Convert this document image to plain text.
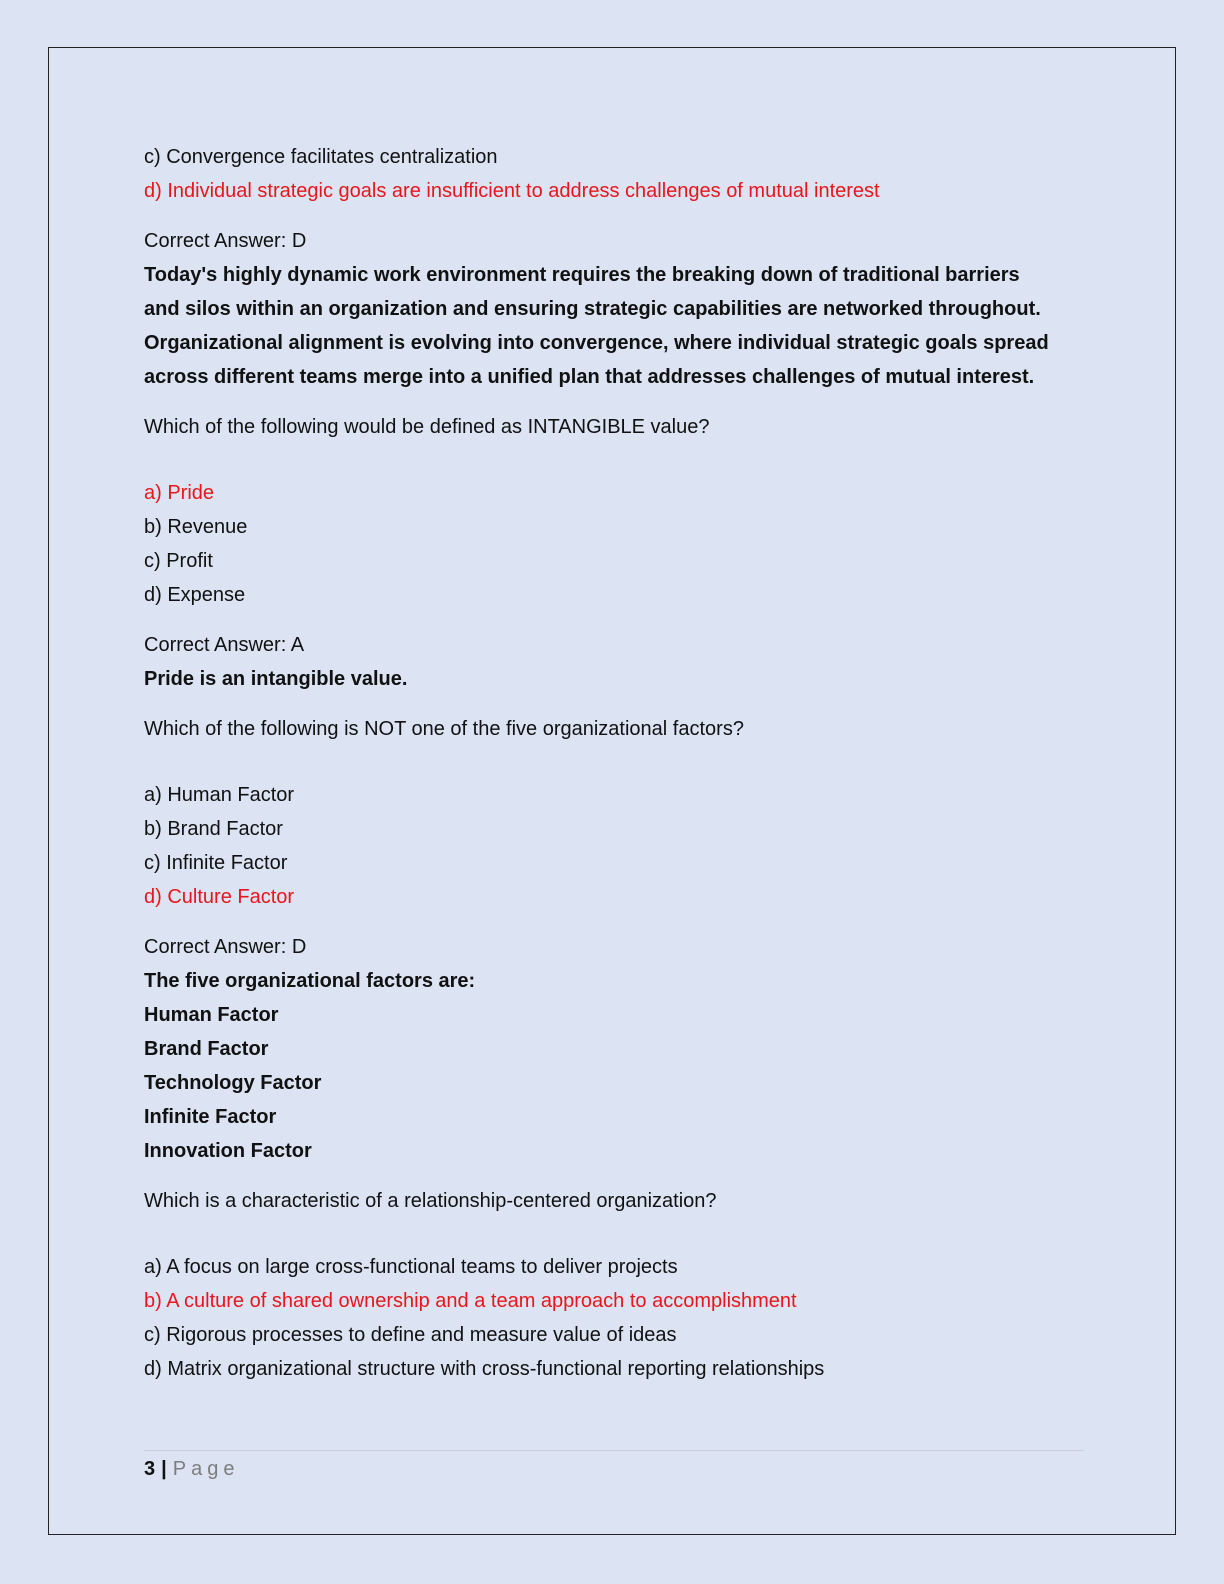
c) Convergence facilitates centralization
d) Individual strategic goals are insufficient to address challenges of mutual interest
Correct Answer: D
Today's highly dynamic work environment requires the breaking down of traditional barriers
and silos within an organization and ensuring strategic capabilities are networked throughout.
Organizational alignment is evolving into convergence, where individual strategic goals spread
across different teams merge into a unified plan that addresses challenges of mutual interest.
Which of the following would be defined as INTANGIBLE value?
a) Pride
b) Revenue
c) Profit
d) Expense
Correct Answer: A
Pride is an intangible value.
Which of the following is NOT one of the five organizational factors?
a) Human Factor
b) Brand Factor
c) Infinite Factor
d) Culture Factor
Correct Answer: D
The five organizational factors are:
Human Factor
Brand Factor
Technology Factor
Infinite Factor
Innovation Factor
Which is a characteristic of a relationship-centered organization?
a) A focus on large cross-functional teams to deliver projects
b) A culture of shared ownership and a team approach to accomplishment
c) Rigorous processes to define and measure value of ideas
d) Matrix organizational structure with cross-functional reporting relationships
3 | Page
